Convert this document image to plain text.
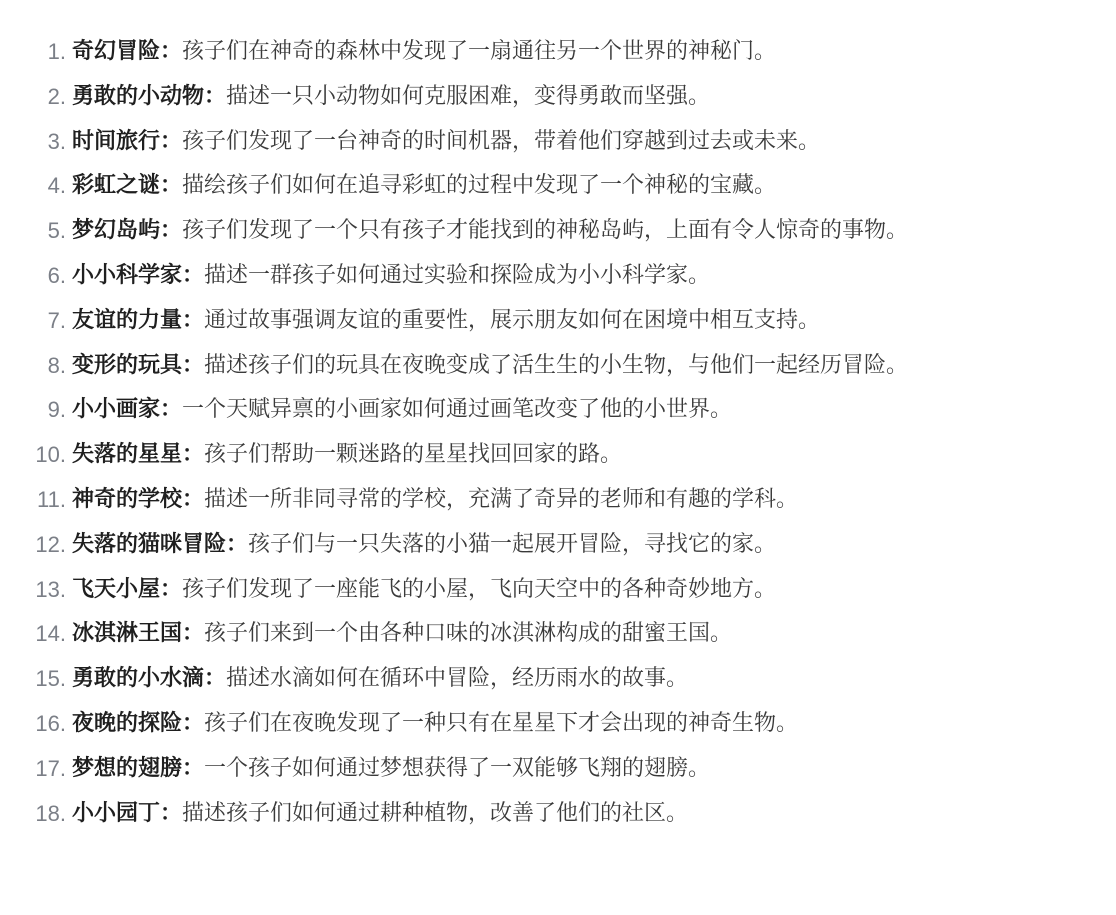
1. 奇幻冒险：孩子们在神奇的森林中发现了一扇通往另一个世界的神秘门。
2. 勇敢的小动物：描述一只小动物如何克服困难，变得勇敢而坚强。
3. 时间旅行：孩子们发现了一台神奇的时间机器，带着他们穿越到过去或未来。
4. 彩虹之谜：描绘孩子们如何在追寻彩虹的过程中发现了一个神秘的宝藏。
5. 梦幻岛屿：孩子们发现了一个只有孩子才能找到的神秘岛屿，上面有令人惊奇的事物。
6. 小小科学家：描述一群孩子如何通过实验和探险成为小小科学家。
7. 友谊的力量：通过故事强调友谊的重要性，展示朋友如何在困境中相互支持。
8. 变形的玩具：描述孩子们的玩具在夜晚变成了活生生的小生物，与他们一起经历冒险。
9. 小小画家：一个天赋异禀的小画家如何通过画笔改变了他的小世界。
10. 失落的星星：孩子们帮助一颗迷路的星星找回回家的路。
11. 神奇的学校：描述一所非同寻常的学校，充满了奇异的老师和有趣的学科。
12. 失落的猫咪冒险：孩子们与一只失落的小猫一起展开冒险，寻找它的家。
13. 飞天小屋：孩子们发现了一座能飞的小屋，飞向天空中的各种奇妙地方。
14. 冰淇淋王国：孩子们来到一个由各种口味的冰淇淋构成的甜蜜王国。
15. 勇敢的小水滴：描述水滴如何在循环中冒险，经历雨水的故事。
16. 夜晚的探险：孩子们在夜晚发现了一种只有在星星下才会出现的神奇生物。
17. 梦想的翅膀：一个孩子如何通过梦想获得了一双能够飞翔的翅膀。
18. 小小园丁：描述孩子们如何通过耕种植物，改善了他们的社区。
